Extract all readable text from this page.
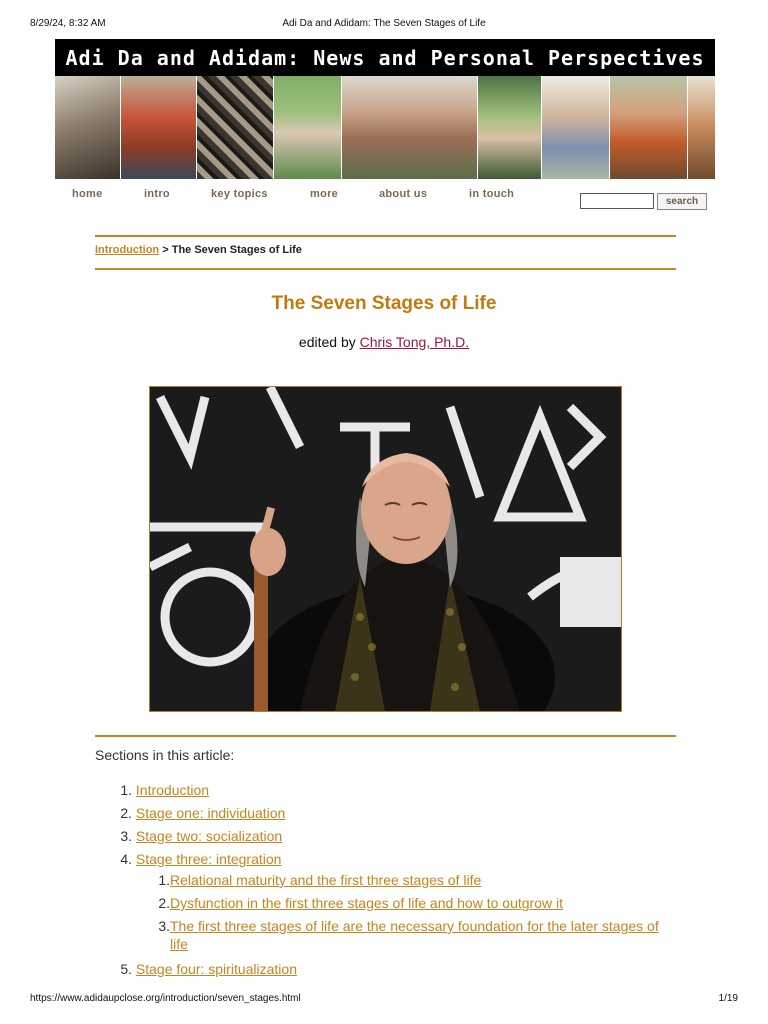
8/29/24, 8:32 AM	Adi Da and Adidam: The Seven Stages of Life
Adi Da and Adidam: News and Personal Perspectives
home	intro	key topics	more	about us	in touch
search
Introduction > The Seven Stages of Life
The Seven Stages of Life
edited by Chris Tong, Ph.D.
Sections in this article:
1. Introduction
2. Stage one: individuation
3. Stage two: socialization
4. Stage three: integration
1.Relational maturity and the first three stages of life
2.Dysfunction in the first three stages of life and how to outgrow it
3.The first three stages of life are the necessary foundation for the later stages of life
5. Stage four: spiritualization
https://www.adidaupclose.org/introduction/seven_stages.html	1/19
